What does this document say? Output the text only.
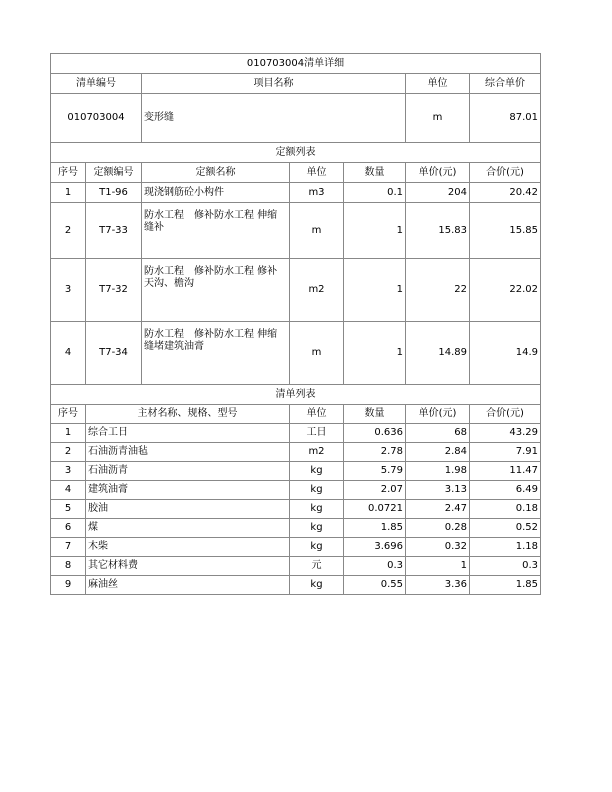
010703004清单详细						
清单编号		项目名称			单位	综合单价
010703004		变形缝			m	87.01
定额列表						
序号	定额编号	定额名称	单位	数量	单价(元)	合价(元)
1	T1-96	现浇钢筋砼小构件	m3	0.1	204	20.42
2	T7-33	防水工程　修补防水工程 伸缩缝补	m	1	15.83	15.85
3	T7-32	防水工程　修补防水工程 修补天沟、檐沟	m2	1	22	22.02
4	T7-34	防水工程　修补防水工程 伸缩缝堵建筑油膏	m	1	14.89	14.9
清单列表						
序号	主材名称、规格、型号		单位	数量	单价(元)	合价(元)
1	综合工日		工日	0.636	68	43.29
2	石油沥青油毡		m2	2.78	2.84	7.91
3	石油沥青		kg	5.79	1.98	11.47
4	建筑油膏		kg	2.07	3.13	6.49
5	胶油		kg	0.0721	2.47	0.18
6	煤		kg	1.85	0.28	0.52
7	木柴		kg	3.696	0.32	1.18
8	其它材料费		元	0.3	1	0.3
9	麻油丝		kg	0.55	3.36	1.85
